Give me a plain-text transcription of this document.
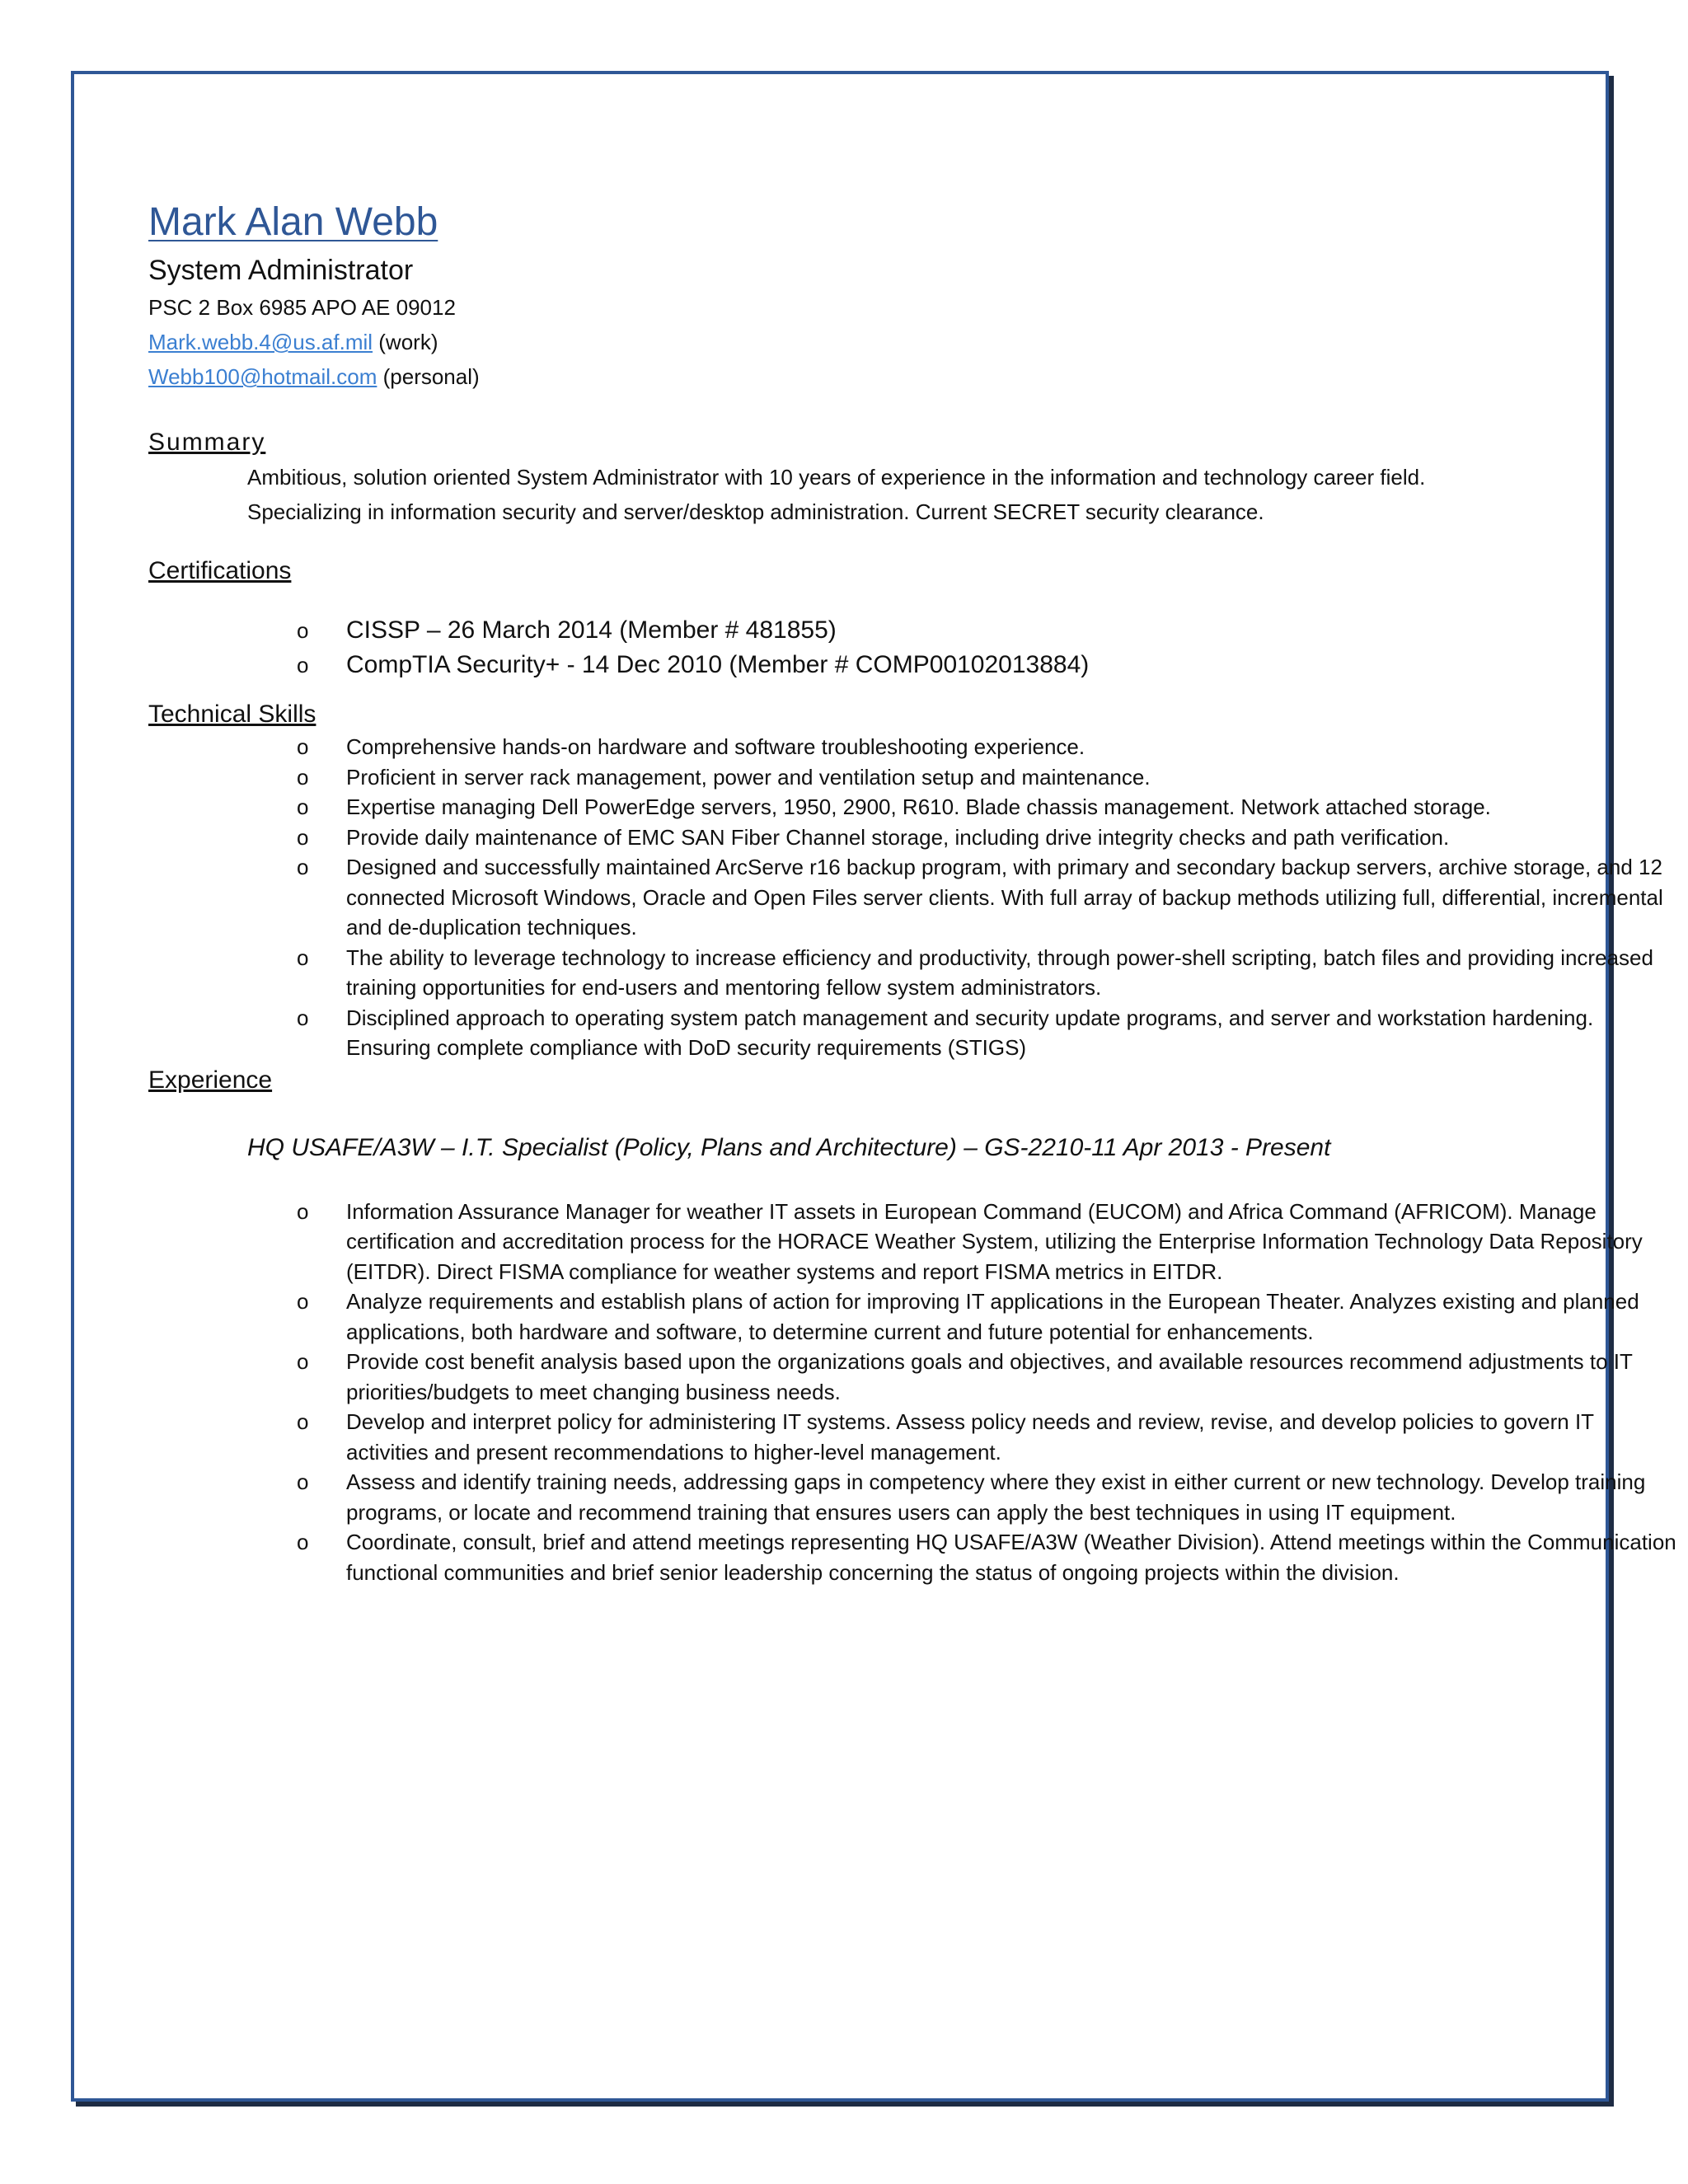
Mark Alan Webb
System Administrator
PSC 2 Box 6985 APO AE 09012
Mark.webb.4@us.af.mil (work)
Webb100@hotmail.com (personal)
Summary
Ambitious, solution oriented System Administrator with 10 years of experience in the information and technology career field. Specializing in information security and server/desktop administration. Current SECRET security clearance.
Certifications
o CISSP – 26 March 2014 (Member # 481855)
o CompTIA Security+ - 14 Dec 2010 (Member # COMP00102013884)
Technical Skills
o Comprehensive hands-on hardware and software troubleshooting experience.
o Proficient in server rack management, power and ventilation setup and maintenance.
o Expertise managing Dell PowerEdge servers, 1950, 2900, R610. Blade chassis management. Network attached storage.
o Provide daily maintenance of EMC SAN Fiber Channel storage, including drive integrity checks and path verification.
o Designed and successfully maintained ArcServe r16 backup program, with primary and secondary backup servers, archive storage, and 12 connected Microsoft Windows, Oracle and Open Files server clients. With full array of backup methods utilizing full, differential, incremental and de-duplication techniques.
o The ability to leverage technology to increase efficiency and productivity, through power-shell scripting, batch files and providing increased training opportunities for end-users and mentoring fellow system administrators.
o Disciplined approach to operating system patch management and security update programs, and server and workstation hardening. Ensuring complete compliance with DoD security requirements (STIGS)
Experience
HQ USAFE/A3W – I.T. Specialist (Policy, Plans and Architecture) – GS-2210-11 Apr 2013 - Present
o Information Assurance Manager for weather IT assets in European Command (EUCOM) and Africa Command (AFRICOM). Manage certification and accreditation process for the HORACE Weather System, utilizing the Enterprise Information Technology Data Repository (EITDR). Direct FISMA compliance for weather systems and report FISMA metrics in EITDR.
o Analyze requirements and establish plans of action for improving IT applications in the European Theater. Analyzes existing and planned applications, both hardware and software, to determine current and future potential for enhancements.
o Provide cost benefit analysis based upon the organizations goals and objectives, and available resources recommend adjustments to IT priorities/budgets to meet changing business needs.
o Develop and interpret policy for administering IT systems. Assess policy needs and review, revise, and develop policies to govern IT activities and present recommendations to higher-level management.
o Assess and identify training needs, addressing gaps in competency where they exist in either current or new technology. Develop training programs, or locate and recommend training that ensures users can apply the best techniques in using IT equipment.
o Coordinate, consult, brief and attend meetings representing HQ USAFE/A3W (Weather Division). Attend meetings within the Communication functional communities and brief senior leadership concerning the status of ongoing projects within the division.
